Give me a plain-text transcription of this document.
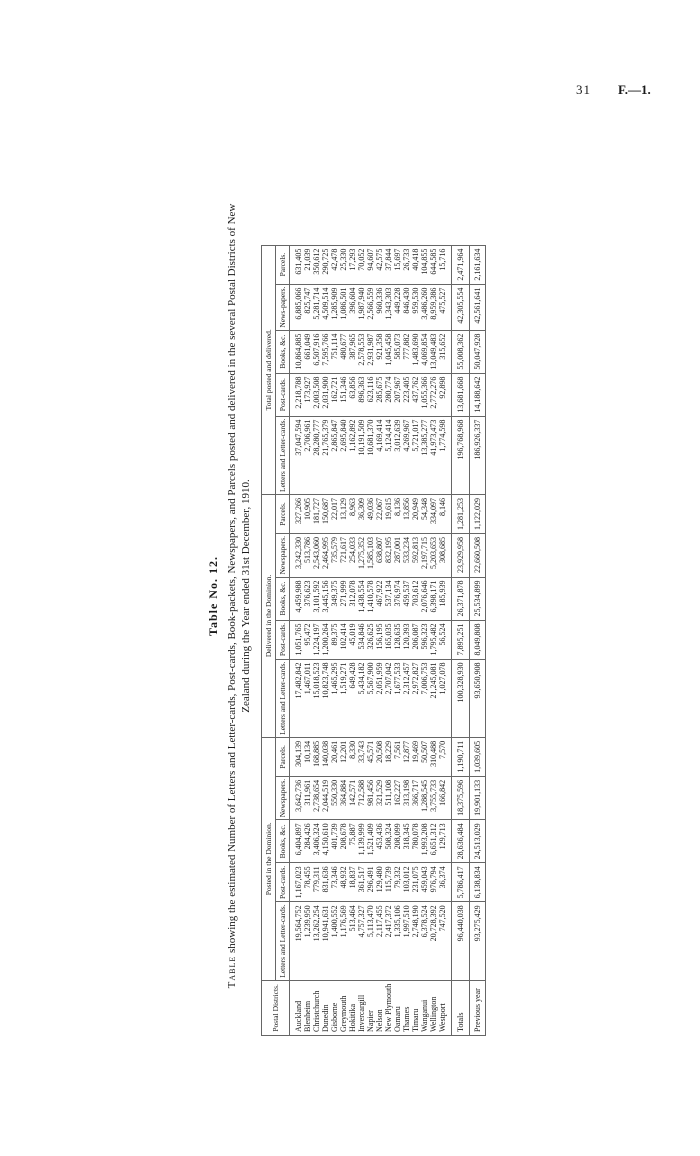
31 F.—1.
Table No. 12.
Table showing the estimated Number of Letters and Letter-cards, Post-cards, Book-packets, Newspapers, and Parcels posted and delivered in the several Postal Districts of New Zealand during the Year ended 31st December, 1910.
Postal Districts.	Posted in the Dominion.					Delivered in the Dominion.					Total posted and delivered.				
	Letters and Letter-cards.	Post-cards.	Books, &c.	Newspapers.	Parcels.	Letters and Letter-cards.	Post-cards.	Books, &c.	Newspapers.	Parcels.	Letters and Letter-cards.	Post-cards.	Books, &c.	News-papers.	Parcels.
Auckland	19,564,752	1,167,023	6,404,897	3,642,736	304,139	17,482,842	1,051,765	4,459,988	3,242,330	327,266	37,047,594	2,218,788	10,864,885	6,885,066	631,405
Blenheim	1,239,950	78,455	284,426	311,961	10,134	1,467,011	95,472	376,623	513,786	10,905	2,706,961	173,927	661,049	825,747	21,039
Christchurch	13,262,254	779,311	3,406,324	2,738,654	168,885	15,018,523	1,224,197	3,101,592	2,543,060	181,727	28,280,777	2,003,508	6,507,916	5,281,714	350,612
Dunedin	10,941,631	831,636	4,150,610	2,044,519	140,038	10,823,748	1,200,264	3,445,156	2,464,995	150,687	21,765,379	2,031,900	7,595,766	4,509,514	290,725
Gisborne	1,400,552	73,346	401,739	550,330	20,461	1,465,295	89,375	349,375	735,579	22,017	2,865,847	162,721	751,114	1,285,909	42,478
Greymouth	1,176,569	48,932	208,678	364,884	12,201	1,519,271	102,414	271,999	721,617	13,129	2,695,840	151,346	480,677	1,086,501	25,330
Hokitika	513,464	18,837	75,887	142,571	8,330	649,428	45,019	312,078	254,033	8,963	1,162,892	63,856	387,965	396,604	17,293
Invercargill	4,757,327	361,517	1,139,999	712,588	33,743	5,434,182	534,846	1,438,554	1,275,352	36,309	10,191,509	896,363	2,578,553	1,987,940	70,052
Napier	5,113,470	296,491	1,521,409	981,456	45,571	5,567,900	326,625	1,410,578	1,585,103	49,036	10,681,370	623,116	2,931,987	2,566,559	94,607
Nelson	2,117,455	129,480	453,436	321,529	20,508	2,051,959	156,195	467,922	638,807	22,067	4,169,414	285,675	921,358	960,336	42,575
New Plymouth	2,417,372	115,739	508,324	511,108	18,229	2,707,042	165,035	537,134	832,195	19,615	5,124,414	280,774	1,045,458	1,343,303	37,844
Oamaru	1,335,106	79,332	208,099	162,227	7,561	1,677,533	128,635	376,974	287,001	8,136	3,012,639	207,967	585,073	449,228	15,697
Thames	1,997,510	103,012	318,345	313,198	12,877	2,312,457	120,393	459,537	533,234	13,856	4,269,967	223,405	777,882	846,430	26,733
Timaru	2,748,190	231,075	780,078	366,717	19,469	2,972,827	206,087	703,612	592,813	20,949	5,721,017	437,762	1,483,690	959,530	40,418
Wanganui	6,378,524	459,043	1,993,208	1,288,545	50,507	7,006,753	596,323	2,076,646	2,197,715	54,348	13,385,277	1,055,366	4,069,854	3,486,260	104,855
Wellington	20,728,392	976,794	6,651,312	3,755,733	310,488	21,245,081	1,795,482	6,398,171	5,203,653	334,097	41,973,473	2,772,276	13,049,483	8,959,386	644,585
Westport	747,520	36,374	129,713	166,842	7,570	1,027,078	56,524	185,939	308,685	8,146	1,774,598	92,898	315,652	475,527	15,716
Totals	96,440,038	5,786,417	28,636,484	18,375,596	1,190,711	100,328,930	7,895,251	26,371,878	23,929,958	1,281,253	196,768,968	13,681,668	55,008,362	42,305,554	2,471,964
Previous year	93,275,429	6,138,834	24,513,029	19,901,133	1,039,605	93,650,908	8,049,808	25,534,899	22,660,508	1,122,029	186,926,337	14,188,642	50,047,928	42,561,641	2,161,634
